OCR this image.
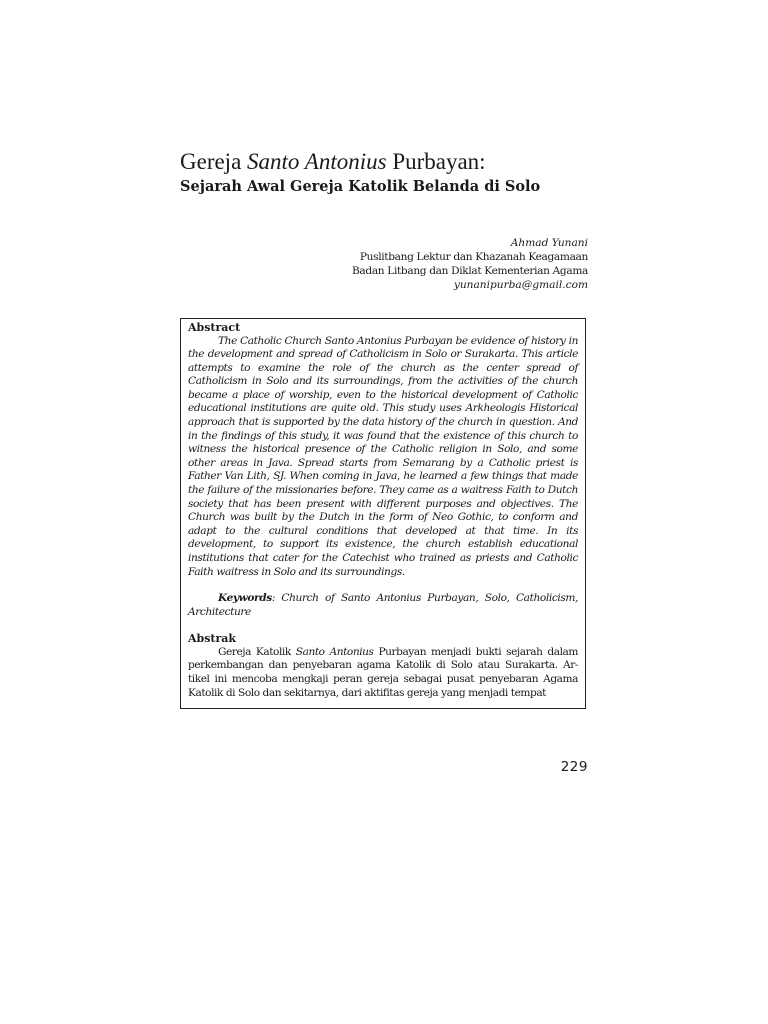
Gereja Santo Antonius Purbayan:
Sejarah Awal Gereja Katolik Belanda di Solo
Ahmad Yunani
Puslitbang Lektur dan Khazanah Keagamaan
Badan Litbang dan Diklat Kementerian Agama
yunanipurba@gmail.com
Abstract

The Catholic Church Santo Antonius Purbayan be evidence of history in the development and spread of Catholicism in Solo or Surakarta. This article attempts to examine the role of the church as the center spread of Catholicism in Solo and its surroundings, from the activities of the church became a place of worship, even to the historical development of Catholic educational institutions are quite old. This study uses Arkheologis Historical approach that is supported by the data history of the church in question. And in the findings of this study, it was found that the existence of this church to witness the historical presence of the Catholic religion in Solo, and some other areas in Java. Spread starts from Semarang by a Catholic priest is Father Van Lith, SJ. When coming in Java, he learned a few things that made the failure of the missionaries before. They came as a waitress Faith to Dutch society that has been present with different purposes and objectives. The Church was built by the Dutch in the form of Neo Gothic, to conform and adapt to the cultural conditions that developed at that time. In its development, to support its existence, the church establish educational institutions that cater for the Catechist who trained as priests and Catholic Faith waitress in Solo and its surroundings.

Keywords: Church of Santo Antonius Purbayan, Solo, Catholicism, Architecture

Abstrak

Gereja Katolik Santo Antonius Purbayan menjadi bukti sejarah dalam perkembangan dan penyebaran agama Katolik di Solo atau Surakarta. Ar- tikel ini mencoba mengkaji peran gereja sebagai pusat penyebaran Agama Katolik di Solo dan sekitarnya, dari aktifitas gereja yang menjadi tempat

229
